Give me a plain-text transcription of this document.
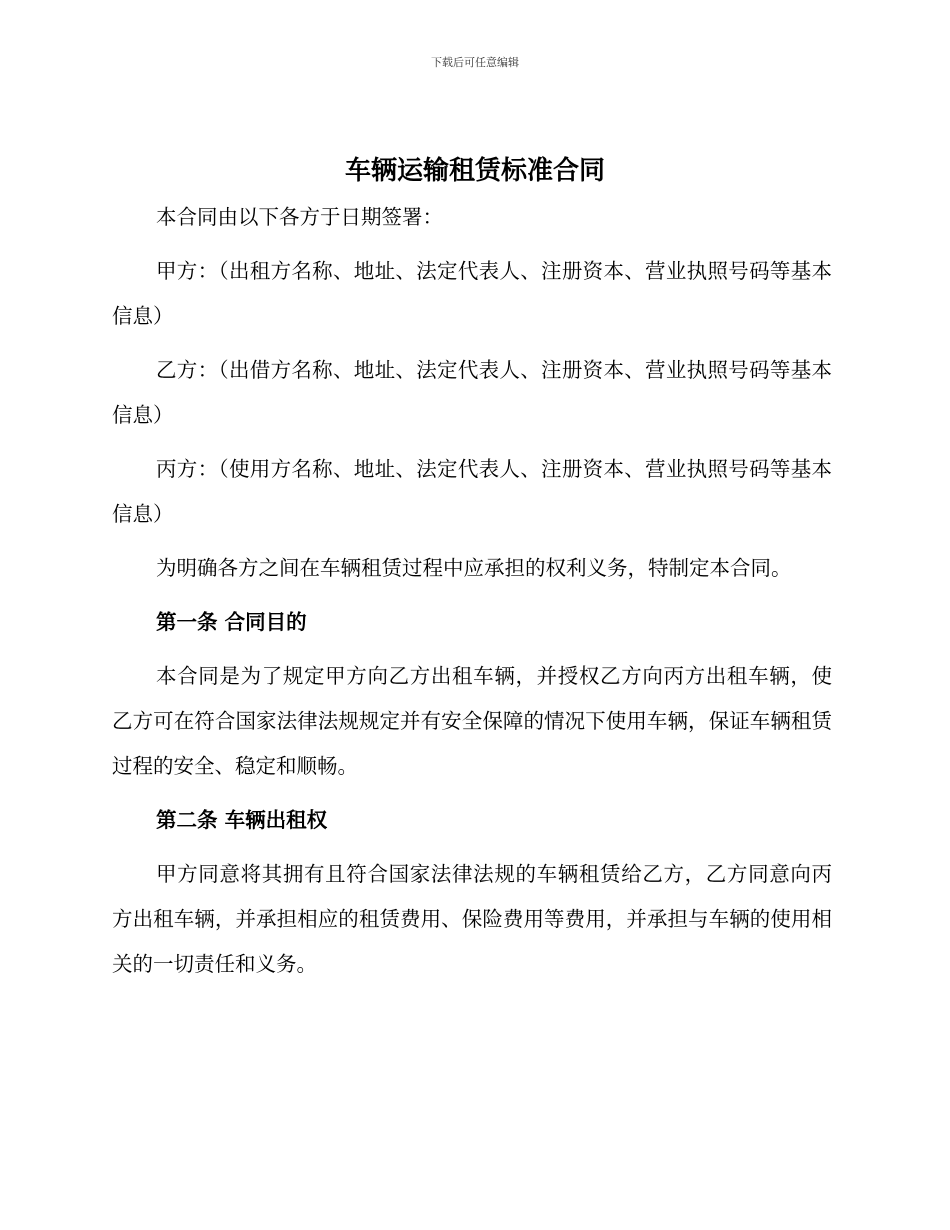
下载后可任意编辑
车辆运输租赁标准合同

本合同由以下各方于日期签署：

甲方：（出租方名称、地址、法定代表人、注册资本、营业执照号码等基本信息）

乙方：（出借方名称、地址、法定代表人、注册资本、营业执照号码等基本信息）

丙方：（使用方名称、地址、法定代表人、注册资本、营业执照号码等基本信息）

为明确各方之间在车辆租赁过程中应承担的权利义务，特制定本合同。

第一条 合同目的

本合同是为了规定甲方向乙方出租车辆，并授权乙方向丙方出租车辆，使乙方可在符合国家法律法规规定并有安全保障的情况下使用车辆，保证车辆租赁过程的安全、稳定和顺畅。

第二条 车辆出租权

甲方同意将其拥有且符合国家法律法规的车辆租赁给乙方，乙方同意向丙方出租车辆，并承担相应的租赁费用、保险费用等费用，并承担与车辆的使用相关的一切责任和义务。
